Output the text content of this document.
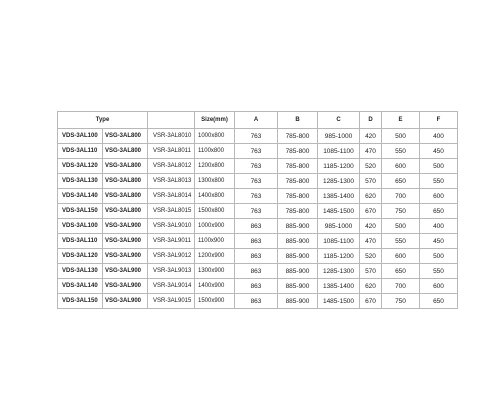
Type			Size(mm)	A	B	C	D	E	F
VDS-3AL100	VSG-3AL800	VSR-3AL8010	1000x800	763	785-800	985-1000	420	500	400
VDS-3AL110	VSG-3AL800	VSR-3AL8011	1100x800	763	785-800	1085-1100	470	550	450
VDS-3AL120	VSG-3AL800	VSR-3AL8012	1200x800	763	785-800	1185-1200	520	600	500
VDS-3AL130	VSG-3AL800	VSR-3AL8013	1300x800	763	785-800	1285-1300	570	650	550
VDS-3AL140	VSG-3AL800	VSR-3AL8014	1400x800	763	785-800	1385-1400	620	700	600
VDS-3AL150	VSG-3AL800	VSR-3AL8015	1500x800	763	785-800	1485-1500	670	750	650
VDS-3AL100	VSG-3AL900	VSR-3AL9010	1000x900	863	885-900	985-1000	420	500	400
VDS-3AL110	VSG-3AL900	VSR-3AL9011	1100x900	863	885-900	1085-1100	470	550	450
VDS-3AL120	VSG-3AL900	VSR-3AL9012	1200x900	863	885-900	1185-1200	520	600	500
VDS-3AL130	VSG-3AL900	VSR-3AL9013	1300x900	863	885-900	1285-1300	570	650	550
VDS-3AL140	VSG-3AL900	VSR-3AL9014	1400x900	863	885-900	1385-1400	620	700	600
VDS-3AL150	VSG-3AL900	VSR-3AL9015	1500x900	863	885-900	1485-1500	670	750	650
